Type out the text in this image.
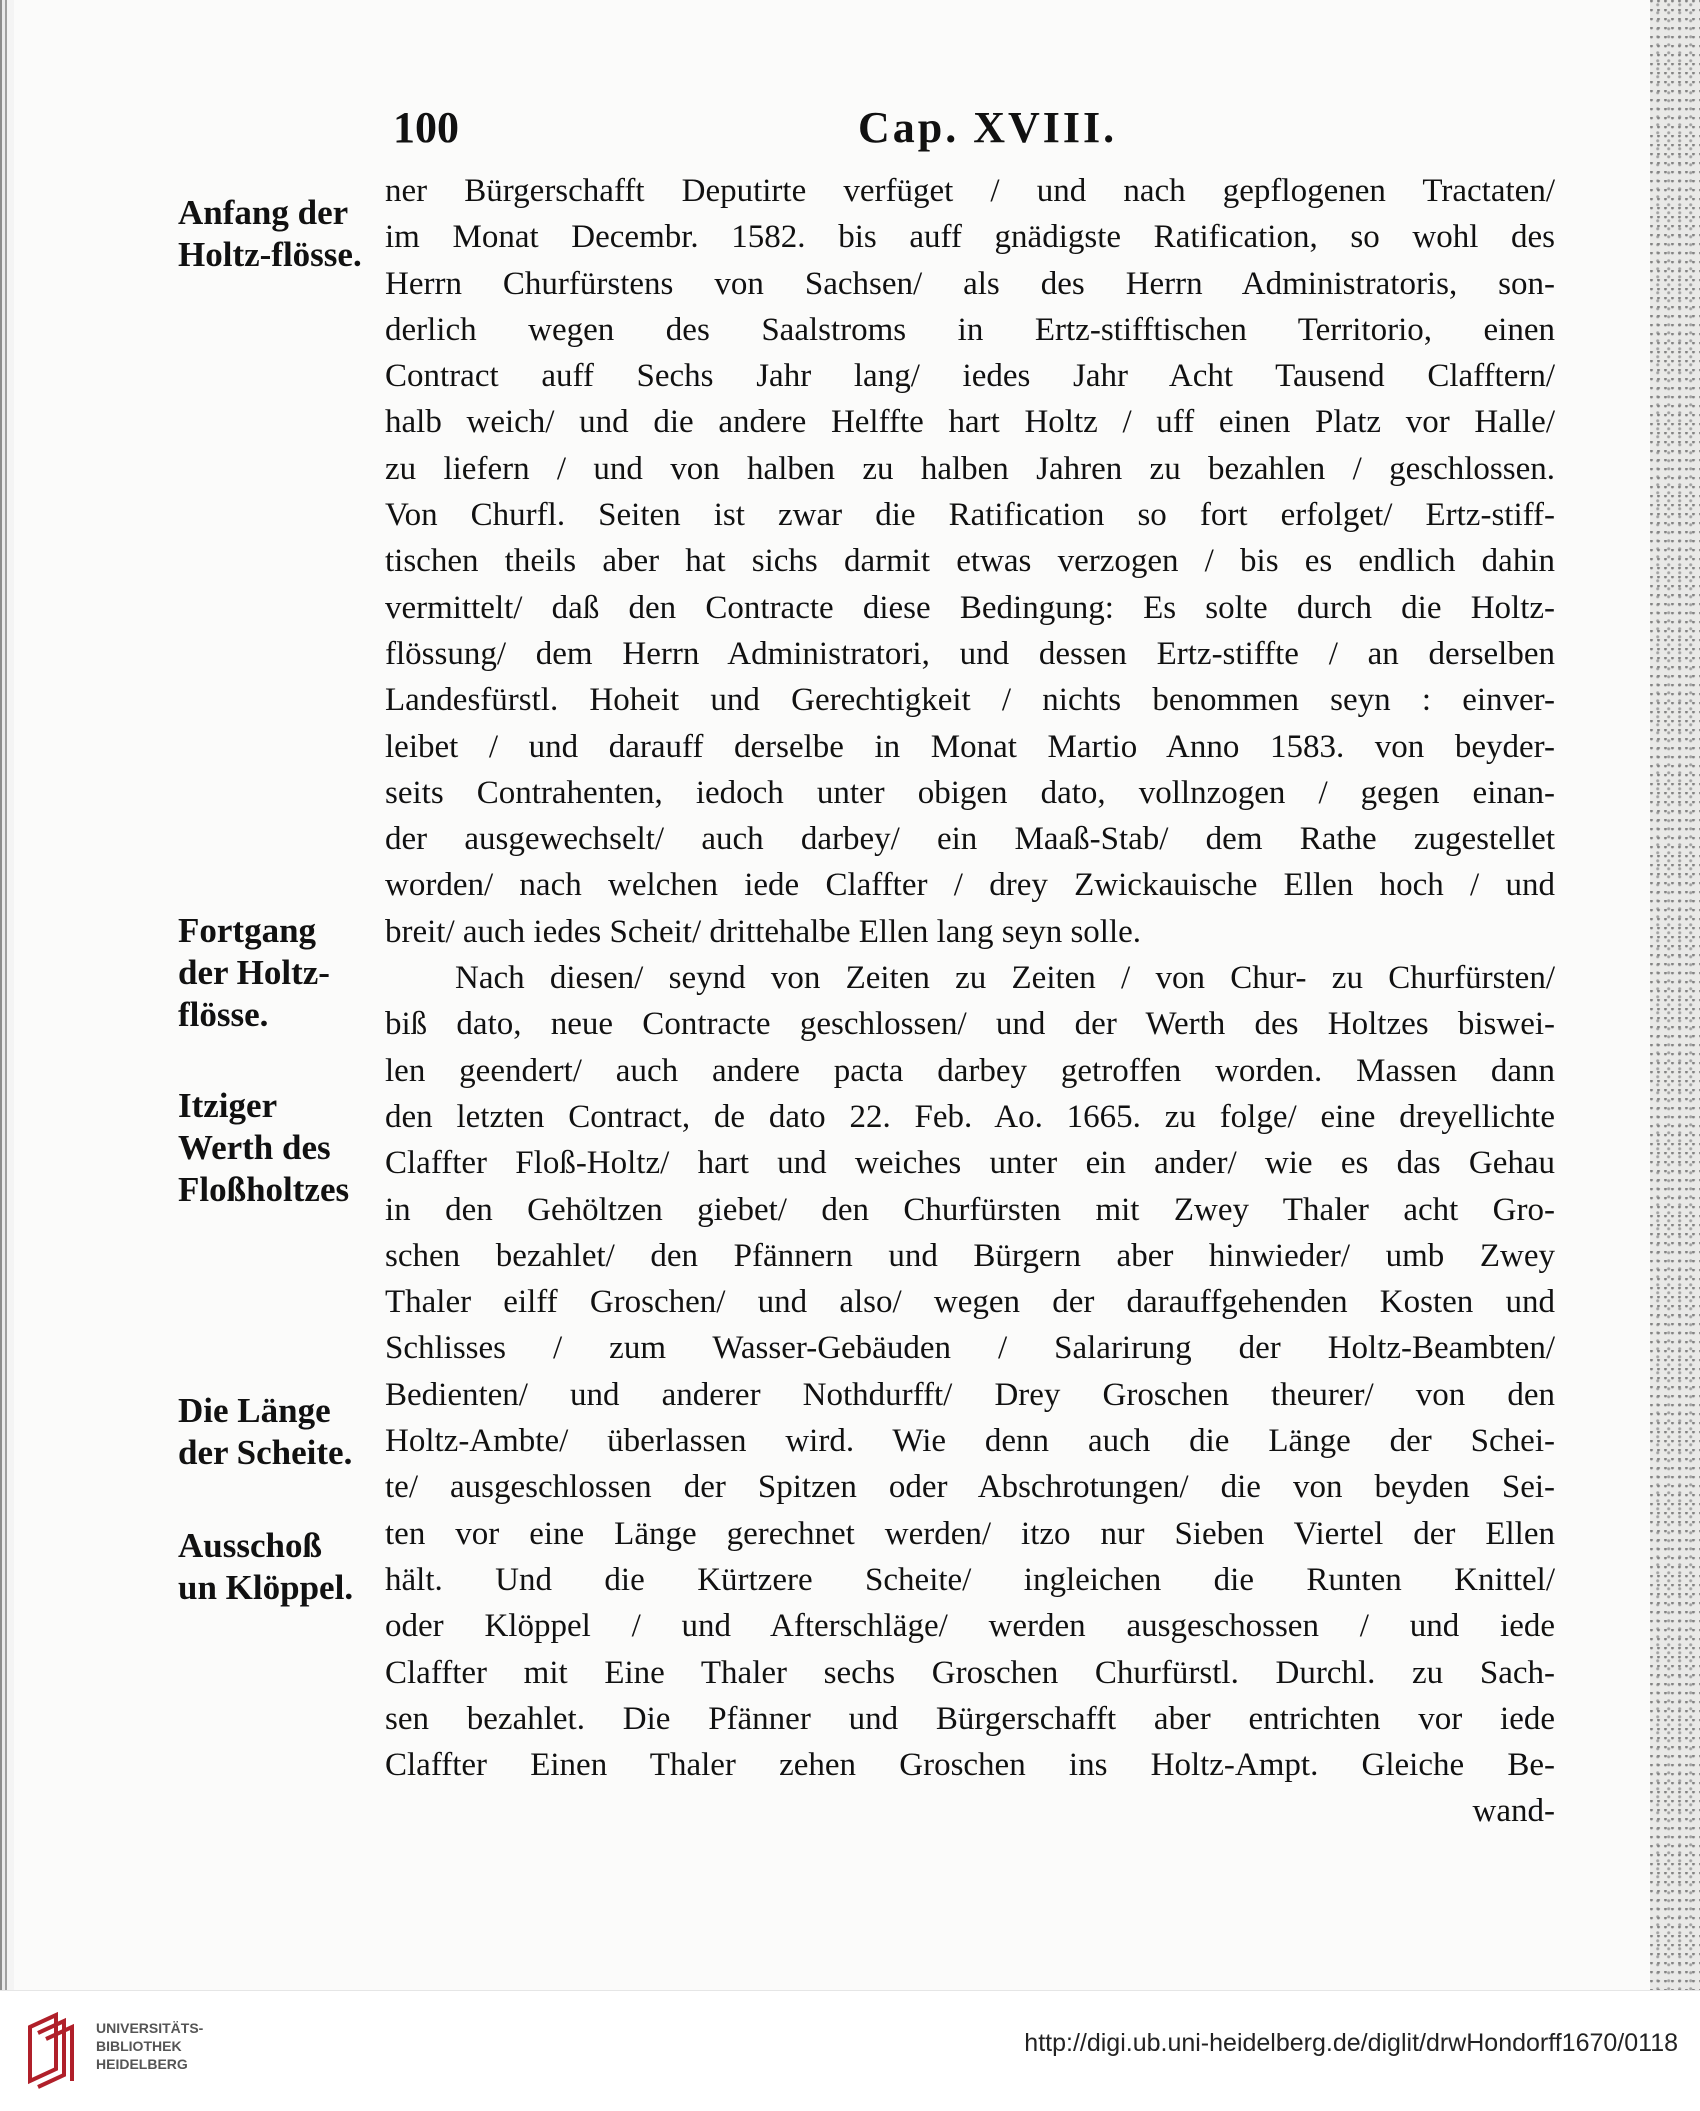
100	Cap. XVIII.
Anfang der
Holtz-flösse.
Fortgang
der Holtz-
flösse.
Itziger
Werth des
Floßholtzes
Die Länge
der Scheite.
Ausschoß
un Klöppel.
ner Bürgerschafft Deputirte verfüget / und nach gepflogenen Tractaten/
im Monat Decembr. 1582. bis auff gnädigste Ratification, so wohl des
Herrn Churfürstens von Sachsen/ als des Herrn Administratoris, son-
derlich wegen des Saalstroms in Ertz-stifftischen Territorio, einen
Contract auff Sechs Jahr lang/ iedes Jahr Acht Tausend Clafftern/
halb weich/ und die andere Helffte hart Holtz / uff einen Platz vor Halle/
zu liefern / und von halben zu halben Jahren zu bezahlen / geschlossen.
Von Churfl. Seiten ist zwar die Ratification so fort erfolget/ Ertz-stiff-
tischen theils aber hat sichs darmit etwas verzogen / bis es endlich dahin
vermittelt/ daß den Contracte diese Bedingung: Es solte durch die Holtz-
flössung/ dem Herrn Administratori, und dessen Ertz-stiffte / an derselben
Landesfürstl. Hoheit und Gerechtigkeit / nichts benommen seyn : einver-
leibet / und darauff derselbe in Monat Martio Anno 1583. von beyder-
seits Contrahenten, iedoch unter obigen dato, vollnzogen / gegen einan-
der ausgewechselt/ auch darbey/ ein Maaß-Stab/ dem Rathe zugestellet
worden/ nach welchen iede Claffter / drey Zwickauische Ellen hoch / und
breit/ auch iedes Scheit/ drittehalbe Ellen lang seyn solle.
Nach diesen/ seynd von Zeiten zu Zeiten / von Chur- zu Churfürsten/
biß dato, neue Contracte geschlossen/ und der Werth des Holtzes biswei-
len geendert/ auch andere pacta darbey getroffen worden. Massen dann
den letzten Contract, de dato 22. Feb. Ao. 1665. zu folge/ eine dreyellichte
Claffter Floß-Holtz/ hart und weiches unter ein ander/ wie es das Gehau
in den Gehöltzen giebet/ den Churfürsten mit Zwey Thaler acht Gro-
schen bezahlet/ den Pfännern und Bürgern aber hinwieder/ umb Zwey
Thaler eilff Groschen/ und also/ wegen der darauffgehenden Kosten und
Schlisses / zum Wasser-Gebäuden / Salarirung der Holtz-Beambten/
Bedienten/ und anderer Nothdurfft/ Drey Groschen theurer/ von den
Holtz-Ambte/ überlassen wird. Wie denn auch die Länge der Schei-
te/ ausgeschlossen der Spitzen oder Abschrotungen/ die von beyden Sei-
ten vor eine Länge gerechnet werden/ itzo nur Sieben Viertel der Ellen
hält. Und die Kürtzere Scheite/ ingleichen die Runten Knittel/
oder Klöppel / und Afterschläge/ werden ausgeschossen / und iede
Claffter mit Eine Thaler sechs Groschen Churfürstl. Durchl. zu Sach-
sen bezahlet. Die Pfänner und Bürgerschafft aber entrichten vor iede
Claffter Einen Thaler zehen Groschen ins Holtz-Ampt. Gleiche Be-
wand-
UNIVERSITÄTS-
BIBLIOTHEK
HEIDELBERG
http://digi.ub.uni-heidelberg.de/diglit/drwHondorff1670/0118
